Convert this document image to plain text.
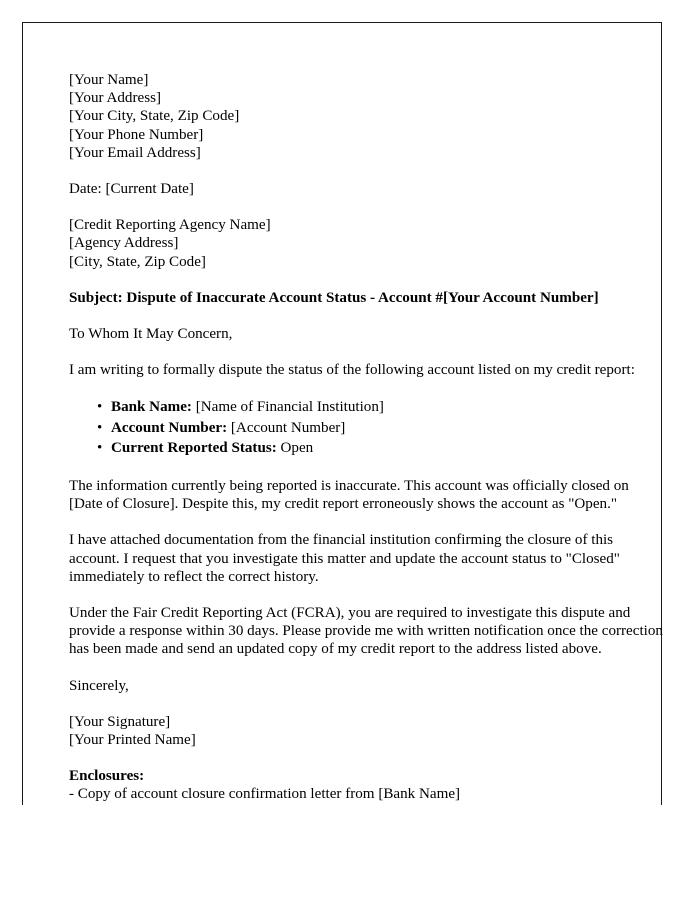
[Your Name]
[Your Address]
[Your City, State, Zip Code]
[Your Phone Number]
[Your Email Address]
Date: [Current Date]
[Credit Reporting Agency Name]
[Agency Address]
[City, State, Zip Code]
Subject: Dispute of Inaccurate Account Status - Account #[Your Account Number]

To Whom It May Concern,

I am writing to formally dispute the status of the following account listed on my credit report:

• Bank Name: [Name of Financial Institution]
• Account Number: [Account Number]
• Current Reported Status: Open

The information currently being reported is inaccurate. This account was officially closed on [Date of Closure]. Despite this, my credit report erroneously shows the account as "Open."

I have attached documentation from the financial institution confirming the closure of this account. I request that you investigate this matter and update the account status to "Closed" immediately to reflect the correct history.

Under the Fair Credit Reporting Act (FCRA), you are required to investigate this dispute and provide a response within 30 days. Please provide me with written notification once the correction has been made and send an updated copy of my credit report to the address listed above.

Sincerely,

[Your Signature]
[Your Printed Name]
Enclosures:
- Copy of account closure confirmation letter from [Bank Name]
